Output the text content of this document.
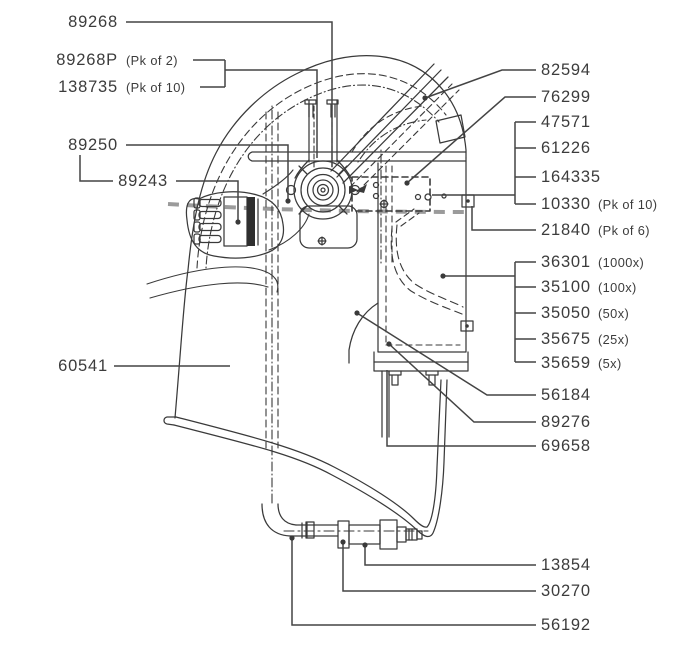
89268
89268P (Pk of 2)
138735 (Pk of 10)
89250
89243
60541
82594
76299
47571
61226
164335
10330 (Pk of 10)
21840 (Pk of 6)
36301 (1000x)
35100 (100x)
35050 (50x)
35675 (25x)
35659 (5x)
56184
89276
69658
13854
30270
56192
